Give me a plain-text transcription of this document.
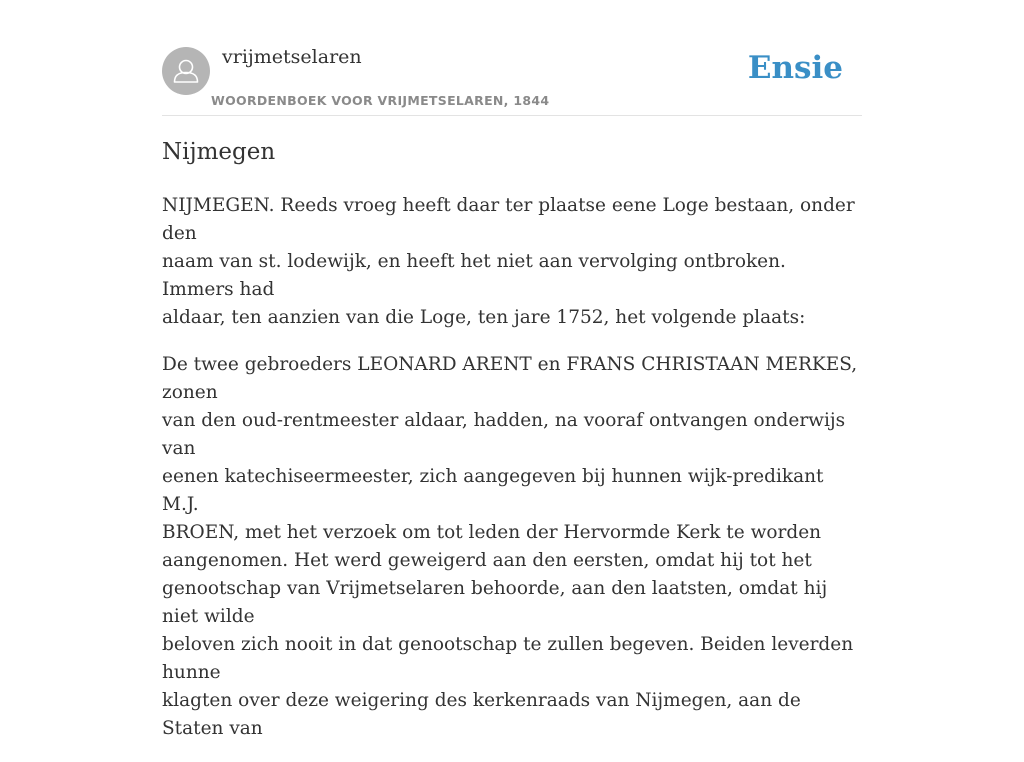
vrijmetselaren
WOORDENBOEK VOOR VRIJMETSELAREN, 1844
Ensie
Nijmegen

NIJMEGEN. Reeds vroeg heeft daar ter plaatse eene Loge bestaan, onder den
naam van st. lodewijk, en heeft het niet aan vervolging ontbroken. Immers had
aldaar, ten aanzien van die Loge, ten jare 1752, het volgende plaats:

De twee gebroeders LEONARD ARENT en FRANS CHRISTAAN MERKES, zonen
van den oud-rentmeester aldaar, hadden, na vooraf ontvangen onderwijs van
eenen katechiseermeester, zich aangegeven bij hunnen wijk-predikant M.J.
BROEN, met het verzoek om tot leden der Hervormde Kerk te worden
aangenomen. Het werd geweigerd aan den eersten, omdat hij tot het
genootschap van Vrijmetselaren behoorde, aan den laatsten, omdat hij niet wilde
beloven zich nooit in dat genootschap te zullen begeven. Beiden leverden hunne
klagten over deze weigering des kerkenraads van Nijmegen, aan de Staten van
